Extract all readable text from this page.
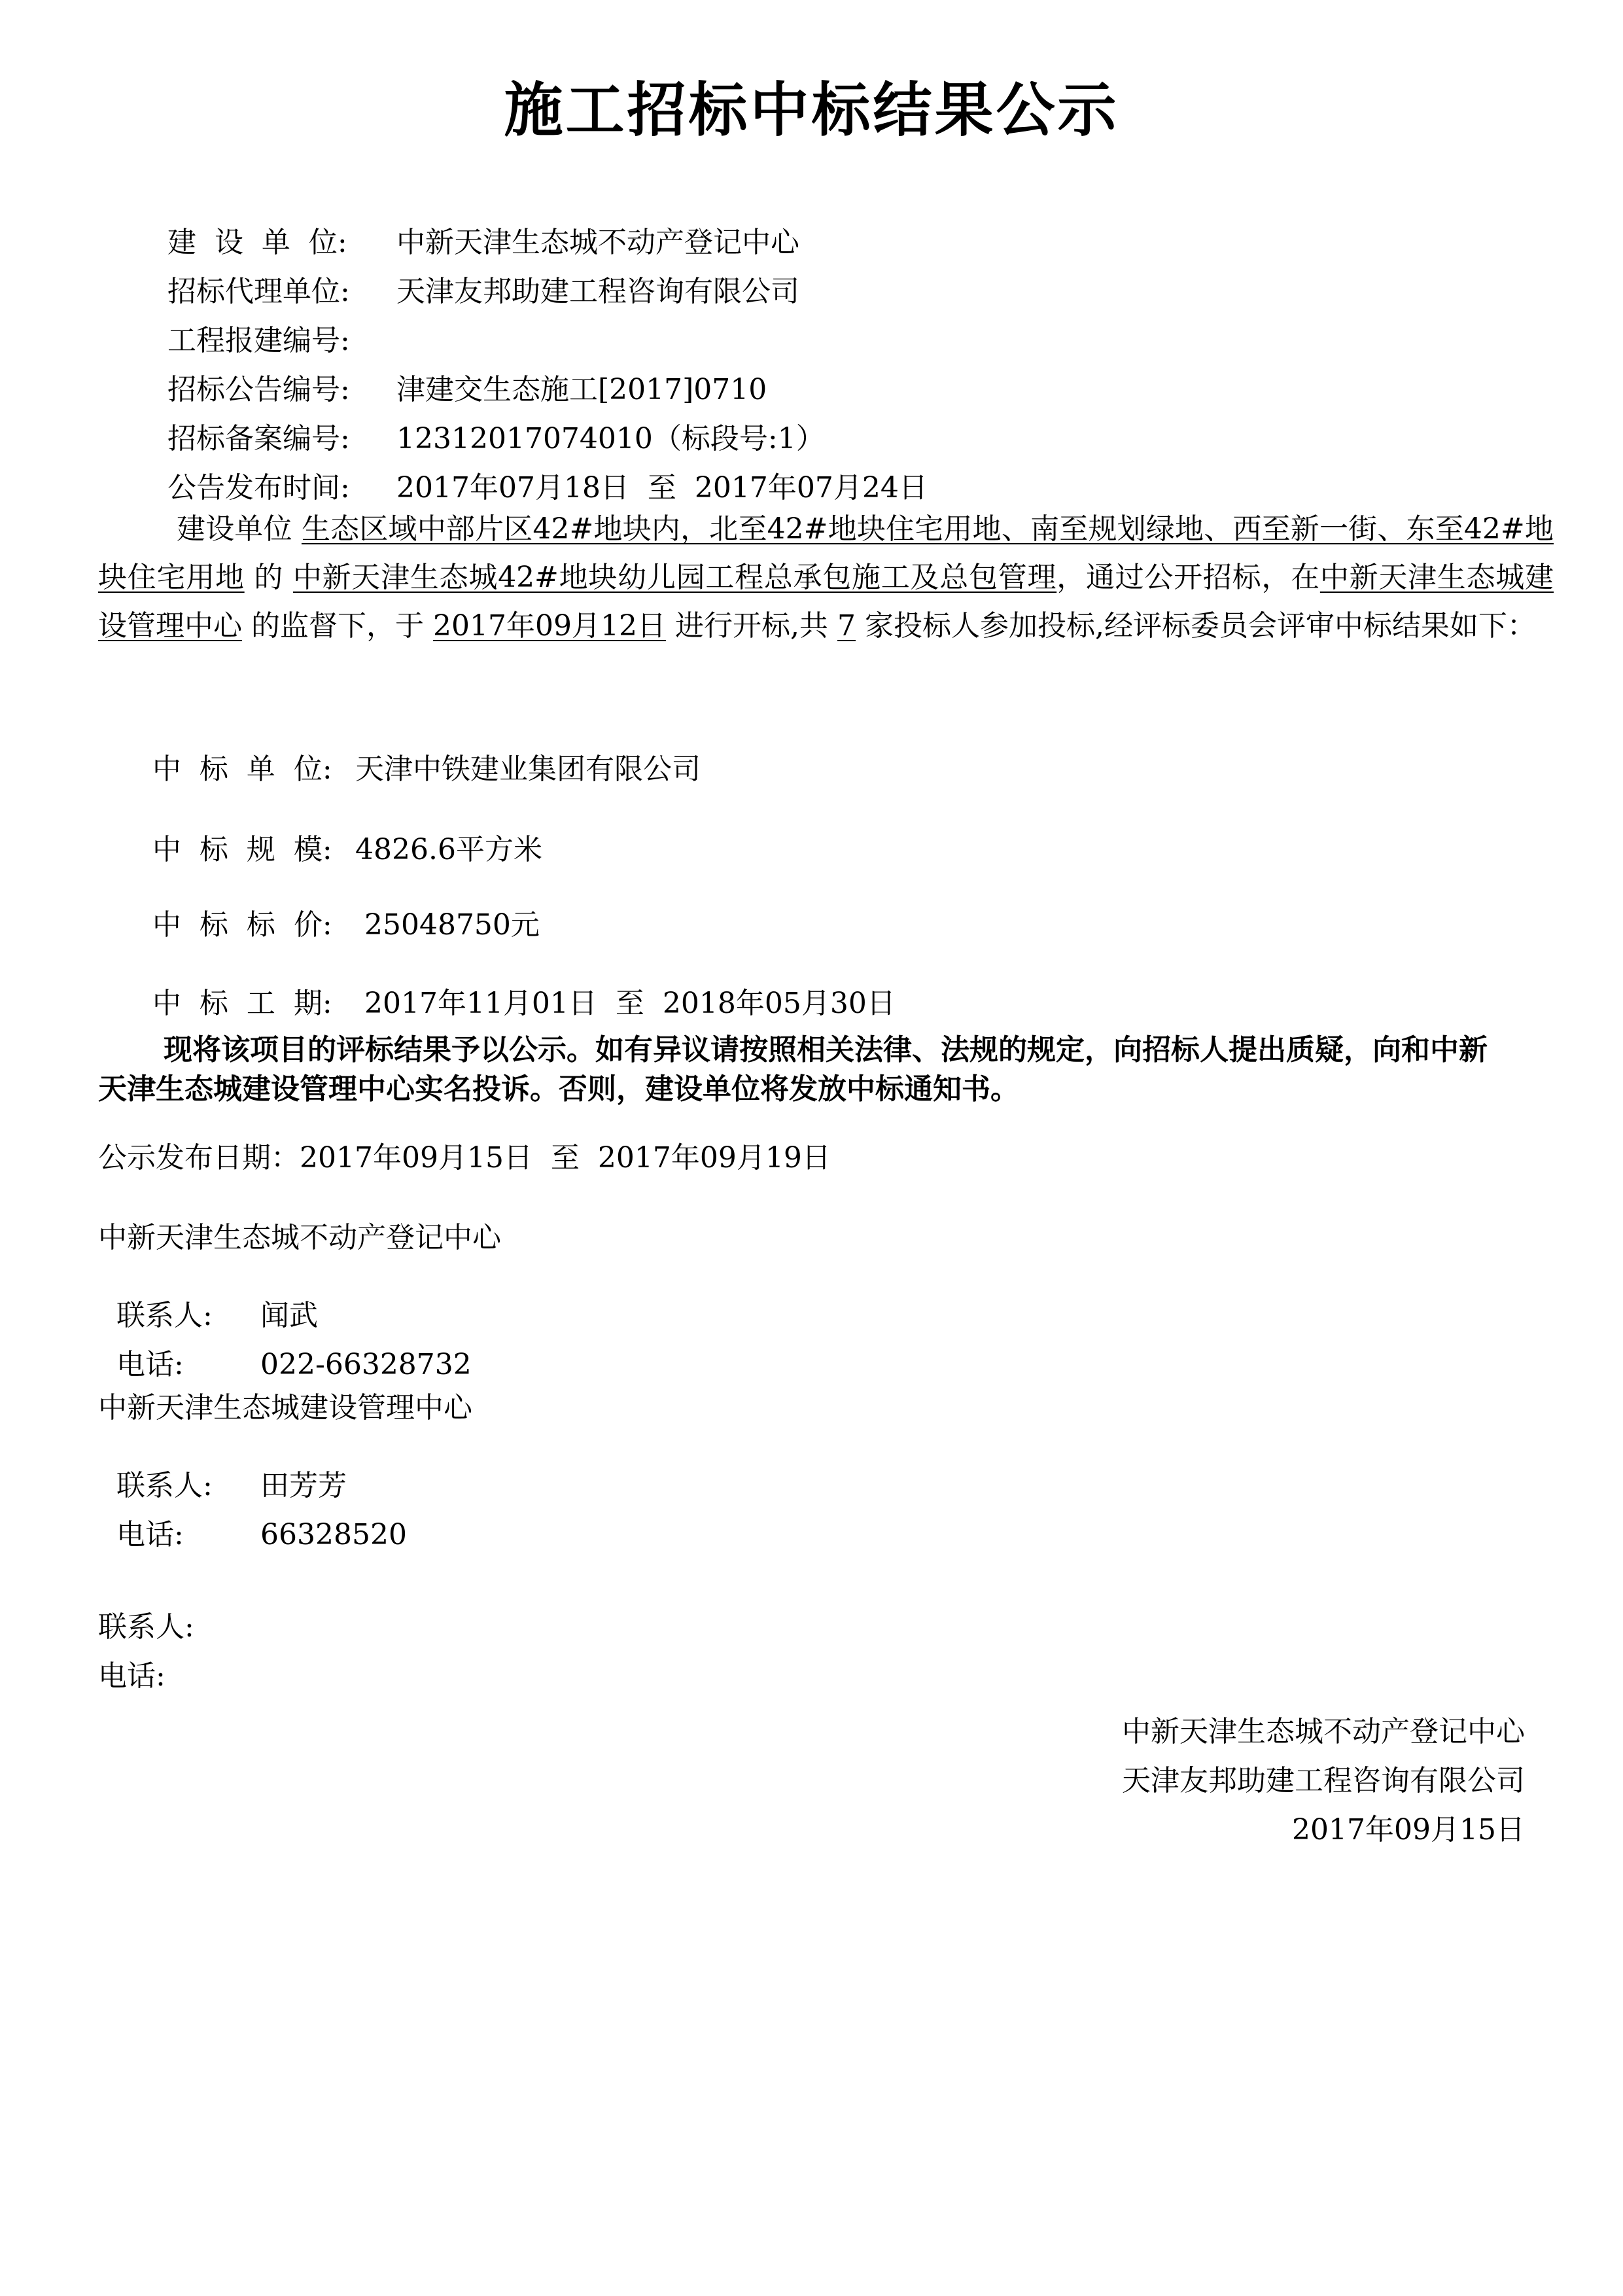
施工招标中标结果公示

建  设  单  位: 中新天津生态城不动产登记中心

招标代理单位: 天津友邦助建工程咨询有限公司

工程报建编号:

招标公告编号: 津建交生态施工[2017]0710

招标备案编号: 12312017074010（标段号:1）

公告发布时间: 2017年07月18日  至  2017年07月24日

建设单位 生态区域中部片区42#地块内，北至42#地块住宅用地、南至规划绿地、西至新一街、东至42#地块住宅用地 的 中新天津生态城42#地块幼儿园工程总承包施工及总包管理，通过公开招标，在中新天津生态城建设管理中心 的监督下，于 2017年09月12日 进行开标,共 7 家投标人参加投标,经评标委员会评审中标结果如下：

中  标  单  位: 天津中铁建业集团有限公司

中  标  规  模: 4826.6平方米

中  标  标  价: 25048750元

中  标  工  期: 2017年11月01日  至  2018年05月30日

现将该项目的评标结果予以公示。如有异议请按照相关法律、法规的规定，向招标人提出质疑，向和中新天津生态城建设管理中心实名投诉。否则，建设单位将发放中标通知书。
公示发布日期：2017年09月15日  至  2017年09月19日
中新天津生态城不动产登记中心

联系人: 闻武

电话:	022-66328732

中新天津生态城建设管理中心

联系人: 田芳芳

电话:	66328520

联系人:
电话:
中新天津生态城不动产登记中心
天津友邦助建工程咨询有限公司
2017年09月15日
